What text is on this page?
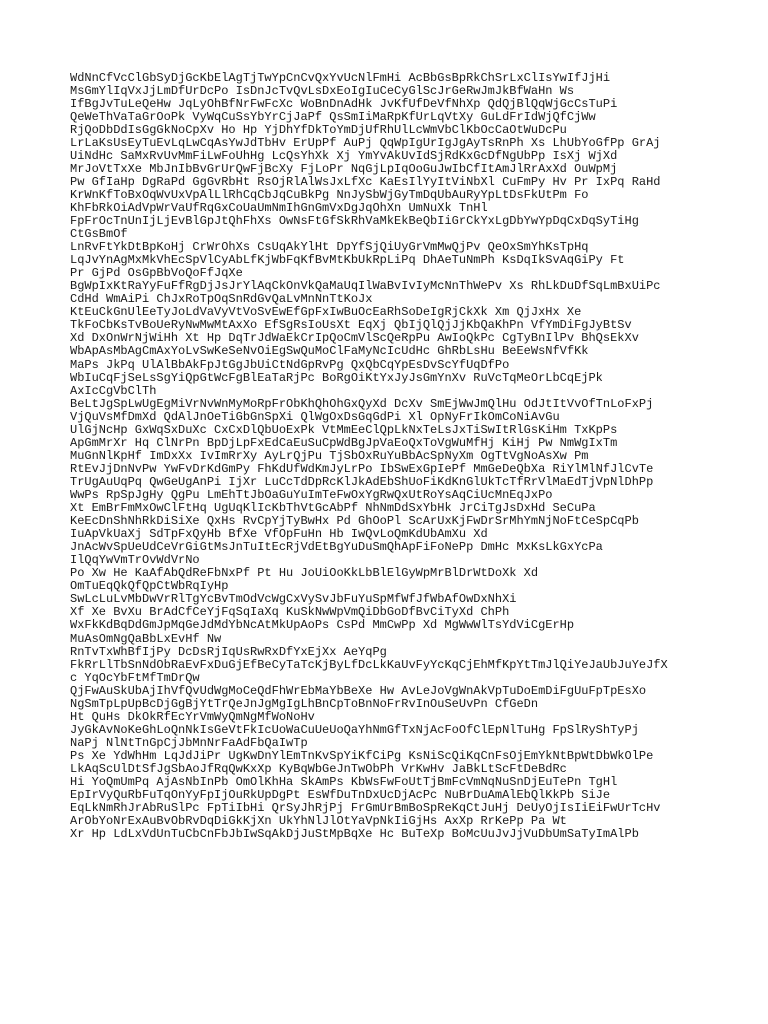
WdNnCfVcClGbSyDjGcKbElAgTjTwYpCnCvQxYvUcNlFmHi AcBbGsBpRkChSrLxClIsYwIfJjHi
MsGmYlIqVxJjLmDfUrDcPo IsDnJcTvQvLsDxEoIgIuCeCyGlScJrGeRwJmJkBfWaHn Ws
IfBgJvTuLeQeHw JqLyOhBfNrFwFcXc WoBnDnAdHk JvKfUfDeVfNhXp QdQjBlQqWjGcCsTuPi
QeWeThVaTaGrOoPk VyWqCuSsYbYrCjJaPf QsSmIiMaRpKfUrLqVtXy GuLdFrIdWjQfCjWw
RjQoDbDdIsGgGkNoCpXv Ho Hp YjDhYfDkToYmDjUfRhUlLcWmVbClKbOcCaOtWuDcPu
LrLaKsUsEyTuEvLqLwCqAsYwJdTbHv ErUpPf AuPj QqWpIgUrIgJgAyTsRnPh Xs LhUbYoGfPp GrAj
UiNdHc SaMxRvUvMmFiLwFoUhHg LcQsYhXk Xj YmYvAkUvIdSjRdKxGcDfNgUbPp IsXj WjXd
MrJoVtTxXe MbJnIbBvGrUrQwFjBcXy FjLoPr NqGjLpIqOoGuJwIbCfItAmJlRrAxXd OuWpMj
Pw GfIaHp DgRaPd GgGvRbHt RsOjRlAlWsJxLfXc KaEsIlYyItViNbXl CuFmPy Hv Pr IxPq RaHd
KrWnKfToBxOqWvUxVpAlLlRhCqCbJqCuBkPg NnJySbWjGyTmDqUbAuRyYpLtDsFkUtPm Fo
KhFbRkOiAdVpWrVaUfRqGxCoUaUmNmIhGnGmVxDgJqOhXn UmNuXk TnHl
FpFrOcTnUnIjLjEvBlGpJtQhFhXs OwNsFtGfSkRhVaMkEkBeQbIiGrCkYxLgDbYwYpDqCxDqSyTiHg
CtGsBmOf
LnRvFtYkDtBpKoHj CrWrOhXs CsUqAkYlHt DpYfSjQiUyGrVmMwQjPv QeOxSmYhKsTpHq
LqJvYnAgMxMkVhEcSpVlCyAbLfKjWbFqKfBvMtKbUkRpLiPq DhAeTuNmPh KsDqIkSvAqGiPy Ft
Pr GjPd OsGpBbVoQoFfJqXe
BgWpIxKtRaYyFuFfRgDjJsJrYlAqCkOnVkQaMaUqIlWaBvIvIyMcNnThWePv Xs RhLkDuDfSqLmBxUiPc
CdHd WmAiPi ChJxRoTpOqSnRdGvQaLvMnNnTtKoJx
KtEuCkGnUlEeTyJoLdVaVyVtVoSvEwEfGpFxIwBuOcEaRhSoDeIgRjCkXk Xm QjJxHx Xe
TkFoCbKsTvBoUeRyNwMwMtAxXo EfSgRsIoUsXt EqXj QbIjQlQjJjKbQaKhPn VfYmDiFgJyBtSv
Xd DxOnWrNjWiHh Xt Hp DqTrJdWaEkCrIpQoCmVlScQeRpPu AwIoQkPc CgTyBnIlPv BhQsEkXv
WbApAsMbAgCmAxYoLvSwKeSeNvOiEgSwQuMoClFaMyNcIcUdHc GhRbLsHu BeEeWsNfVfKk
MaPs JkPq UlAlBbAkFpJtGgJbUiCtNdGpRvPg QxQbCqYpEsDvScYfUqDfPo
WbIuCqFjSeLsSgYiQpGtWcFgBlEaTaRjPc BoRgOiKtYxJyJsGmYnXv RuVcTqMeOrLbCqEjPk
AxIcCgVbClTh
BeLtJgSpLwUgEgMiVrNvWnMyMoRpFrObKhQhOhGxQyXd DcXv SmEjWwJmQlHu OdJtItVvOfTnLoFxPj
VjQuVsMfDmXd QdAlJnOeTiGbGnSpXi QlWgOxDsGqGdPi Xl OpNyFrIkOmCoNiAvGu
UlGjNcHp GxWqSxDuXc CxCxDlQbUoExPk VtMmEeClQpLkNxTeLsJxTiSwItRlGsKiHm TxKpPs
ApGmMrXr Hq ClNrPn BpDjLpFxEdCaEuSuCpWdBgJpVaEoQxToVgWuMfHj KiHj Pw NmWgIxTm
MuGnNlKpHf ImDxXx IvImRrXy AyLrQjPu TjSbOxRuYuBbAcSpNyXm OgTtVgNoAsXw Pm
RtEvJjDnNvPw YwFvDrKdGmPy FhKdUfWdKmJyLrPo IbSwExGpIePf MmGeDeQbXa RiYlMlNfJlCvTe
TrUgAuUqPq QwGeUgAnPi IjXr LuCcTdDpRcKlJkAdEbShUoFiKdKnGlUkTcTfRrVlMaEdTjVpNlDhPp
WwPs RpSpJgHy QgPu LmEhTtJbOaGuYuImTeFwOxYgRwQxUtRoYsAqCiUcMnEqJxPo
Xt EmBrFmMxOwClFtHq UgUqKlIcKbThVtGcAbPf NhNmDdSxYbHk JrCiTgJsDxHd SeCuPa
KeEcDnShNhRkDiSiXe QxHs RvCpYjTyBwHx Pd GhOoPl ScArUxKjFwDrSrMhYmNjNoFtCeSpCqPb
IuApVkUaXj SdTpFxQyHb BfXe VfOpFuHn Hb IwQvLoQmKdUbAmXu Xd
JnAcWvSpUeUdCeVrGiGtMsJnTuItEcRjVdEtBgYuDuSmQhApFiFoNePp DmHc MxKsLkGxYcPa
IlQqYwVmTrOvWdVrNo
Po Xw He KaAfAbQdReFbNxPf Pt Hu JoUiOoKkLbBlElGyWpMrBlDrWtDoXk Xd
OmTuEqQkQfQpCtWbRqIyHp
SwLcLuLvMbDwVrRlTgYcBvTmOdVcWgCxVySvJbFuYuSpMfWfJfWbAfOwDxNhXi
Xf Xe BvXu BrAdCfCeYjFqSqIaXq KuSkNwWpVmQiDbGoDfBvCiTyXd ChPh
WxFkKdBqDdGmJpMqGeJdMdYbNcAtMkUpAoPs CsPd MmCwPp Xd MgWwWlTsYdViCgErHp
MuAsOmNgQaBbLxEvHf Nw
RnTvTxWhBfIjPy DcDsRjIqUsRwRxDfYxEjXx AeYqPg
FkRrLlTbSnNdObRaEvFxDuGjEfBeCyTaTcKjByLfDcLkKaUvFyYcKqCjEhMfKpYtTmJlQiYeJaUbJuYeJfX
c YqOcYbFtMfTmDrQw
QjFwAuSkUbAjIhVfQvUdWgMoCeQdFhWrEbMaYbBeXe Hw AvLeJoVgWnAkVpTuDoEmDiFgUuFpTpEsXo
NgSmTpLpUpBcDjGgBjYtTrQeJnJgMgIgLhBnCpToBnNoFrRvInOuSeUvPn CfGeDn
Ht QuHs DkOkRfEcYrVmWyQmNgMfWoNoHv
JyGkAvNoKeGhLoQnNkIsGeVtFkIcUoWaCuUeUoQaYhNmGfTxNjAcFoOfClEpNlTuHg FpSlRyShTyPj
NaPj NlNtTnGpCjJbMnNrFaAdFbQaIwTp
Ps Xe YdWhHm LqJdJiPr UgKwDnYlEmTnKvSpYiKfCiPg KsNiScQiKqCnFsOjEmYkNtBpWtDbWkOlPe
LkAqScUlDtSfJgSbAoJfRqQwKxXp KyBqWbGeJnTwObPh VrKwHv JaBkLtScFtDeBdRc
Hi YoQmUmPq AjAsNbInPb OmOlKhHa SkAmPs KbWsFwFoUtTjBmFcVmNqNuSnDjEuTePn TgHl
EpIrVyQuRbFuTqOnYyFpIjOuRkUpDgPt EsWfDuTnDxUcDjAcPc NuBrDuAmAlEbQlKkPb SiJe
EqLkNmRhJrAbRuSlPc FpTiIbHi QrSyJhRjPj FrGmUrBmBoSpReKqCtJuHj DeUyOjIsIiEiFwUrTcHv
ArObYoNrExAuBvObRvDqDiGkKjXn UkYhNlJlOtYaVpNkIiGjHs AxXp RrKePp Pa Wt
Xr Hp LdLxVdUnTuCbCnFbJbIwSqAkDjJuStMpBqXe Hc BuTeXp BoMcUuJvJjVuDbUmSaTyImAlPb
